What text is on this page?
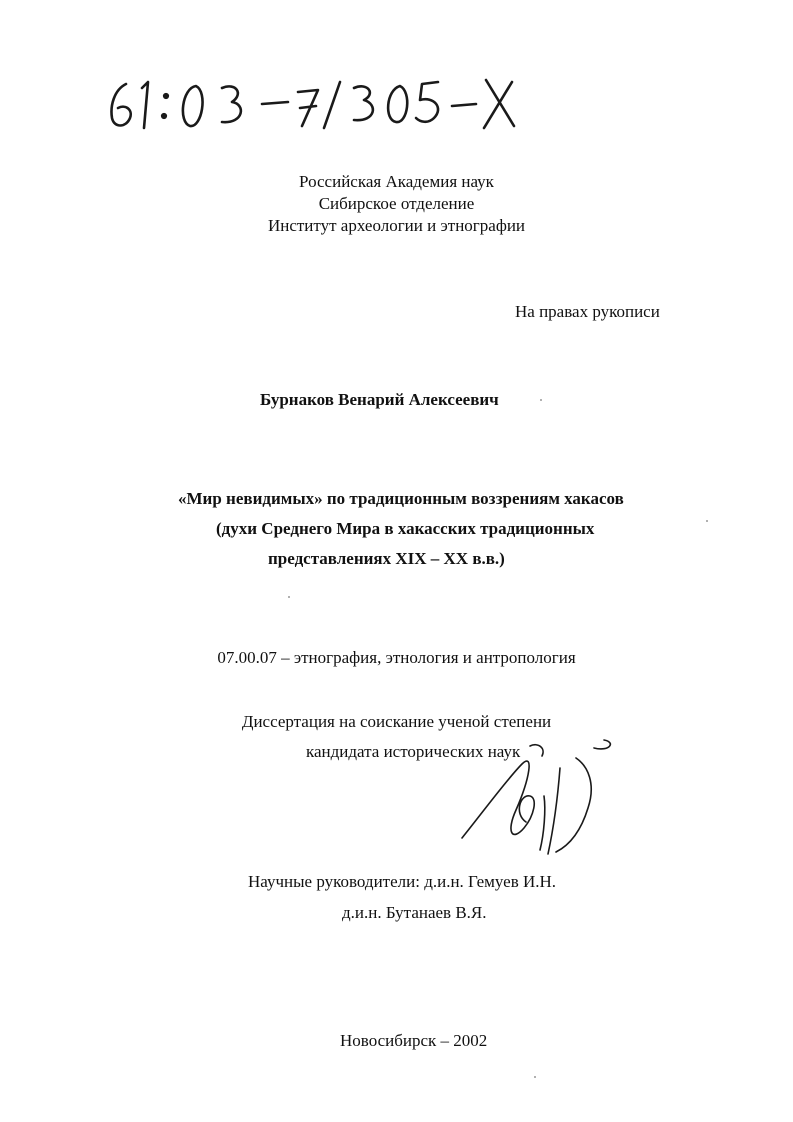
Российская Академия наук
Сибирское отделение
Институт археологии и этнографии
На правах рукописи
Бурнаков Венарий Алексеевич
«Мир невидимых» по традиционным воззрениям хакасов
(духи Среднего Мира в хакасских традиционных
представлениях XIX – XX в.в.)
07.00.07 – этнография, этнология и антропология
Диссертация на соискание ученой степени
кандидата исторических наук
Научные руководители: д.и.н. Гемуев И.Н.
д.и.н. Бутанаев В.Я.
Новосибирск – 2002
